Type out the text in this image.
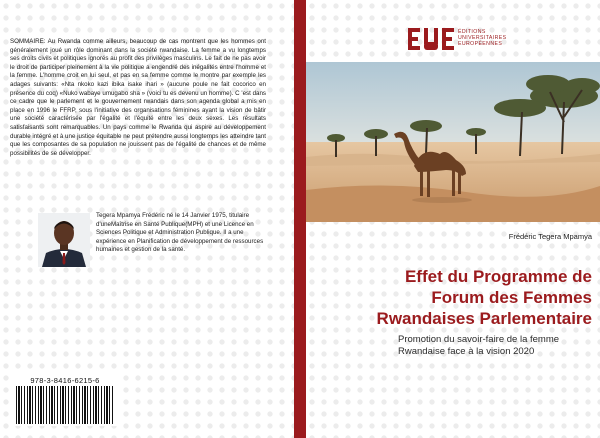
SOMMAIRE: Au Rwanda comme ailleurs, beaucoup de cas montrent que les hommes ont généralement joué un rôle dominant dans la société rwandaise. La femme a vu longtemps ses droits civils et politiques ignorés au profit des privilèges masculins. Le fait de ne pas avoir le droit de participer pleinement à la vie politique a engendré des inégalités entre l'homme et la femme. L'homme croit en lui seul, et pas en sa femme comme le montre par exemple les adages suivants: «Nta nkoko kazi ibika isake ihari » (aucune poule ne fait cocorico en présence du coq) «Nuko wabaye umugabo sha » (voici tu es devenu un homme). C 'est dans ce cadre que le parlement et le gouvernement rwandais dans son agenda global a mis en place en 1996 le FFRP, sous l'initiative des organisations féminines ayant la vision de bâtir une société caractérisée par l'égalité et l'équité entre les deux sexes. Les résultats satisfaisants sont remarquables. Un pays comme le Rwanda qui aspire au développement durable intégré et à une justice équitable ne peut prétendre aussi longtemps les atteindre tant que les composantes de sa population ne jouissent pas de l'égalité de chances et de même possibilités de se développer.

Tegera Mpamya Frédéric né le 14 Janvier 1975, titulaire d'uneMaîtrise en Santé Publique(MPH) et une Licence en Sciences Politique et Administration Publique. Il a une expérience en Planification de développement de ressources humaines et gestion de la santé.

978-3-8416-6215-6

ÉDITIONS
UNIVERSITAIRES
EUROPÉENNES

Frédéric Tegera Mpamya

Effet du Programme de
Forum des Femmes
Rwandaises Parlementaire

Promotion du savoir-faire de la femme
Rwandaise face à la vision 2020
